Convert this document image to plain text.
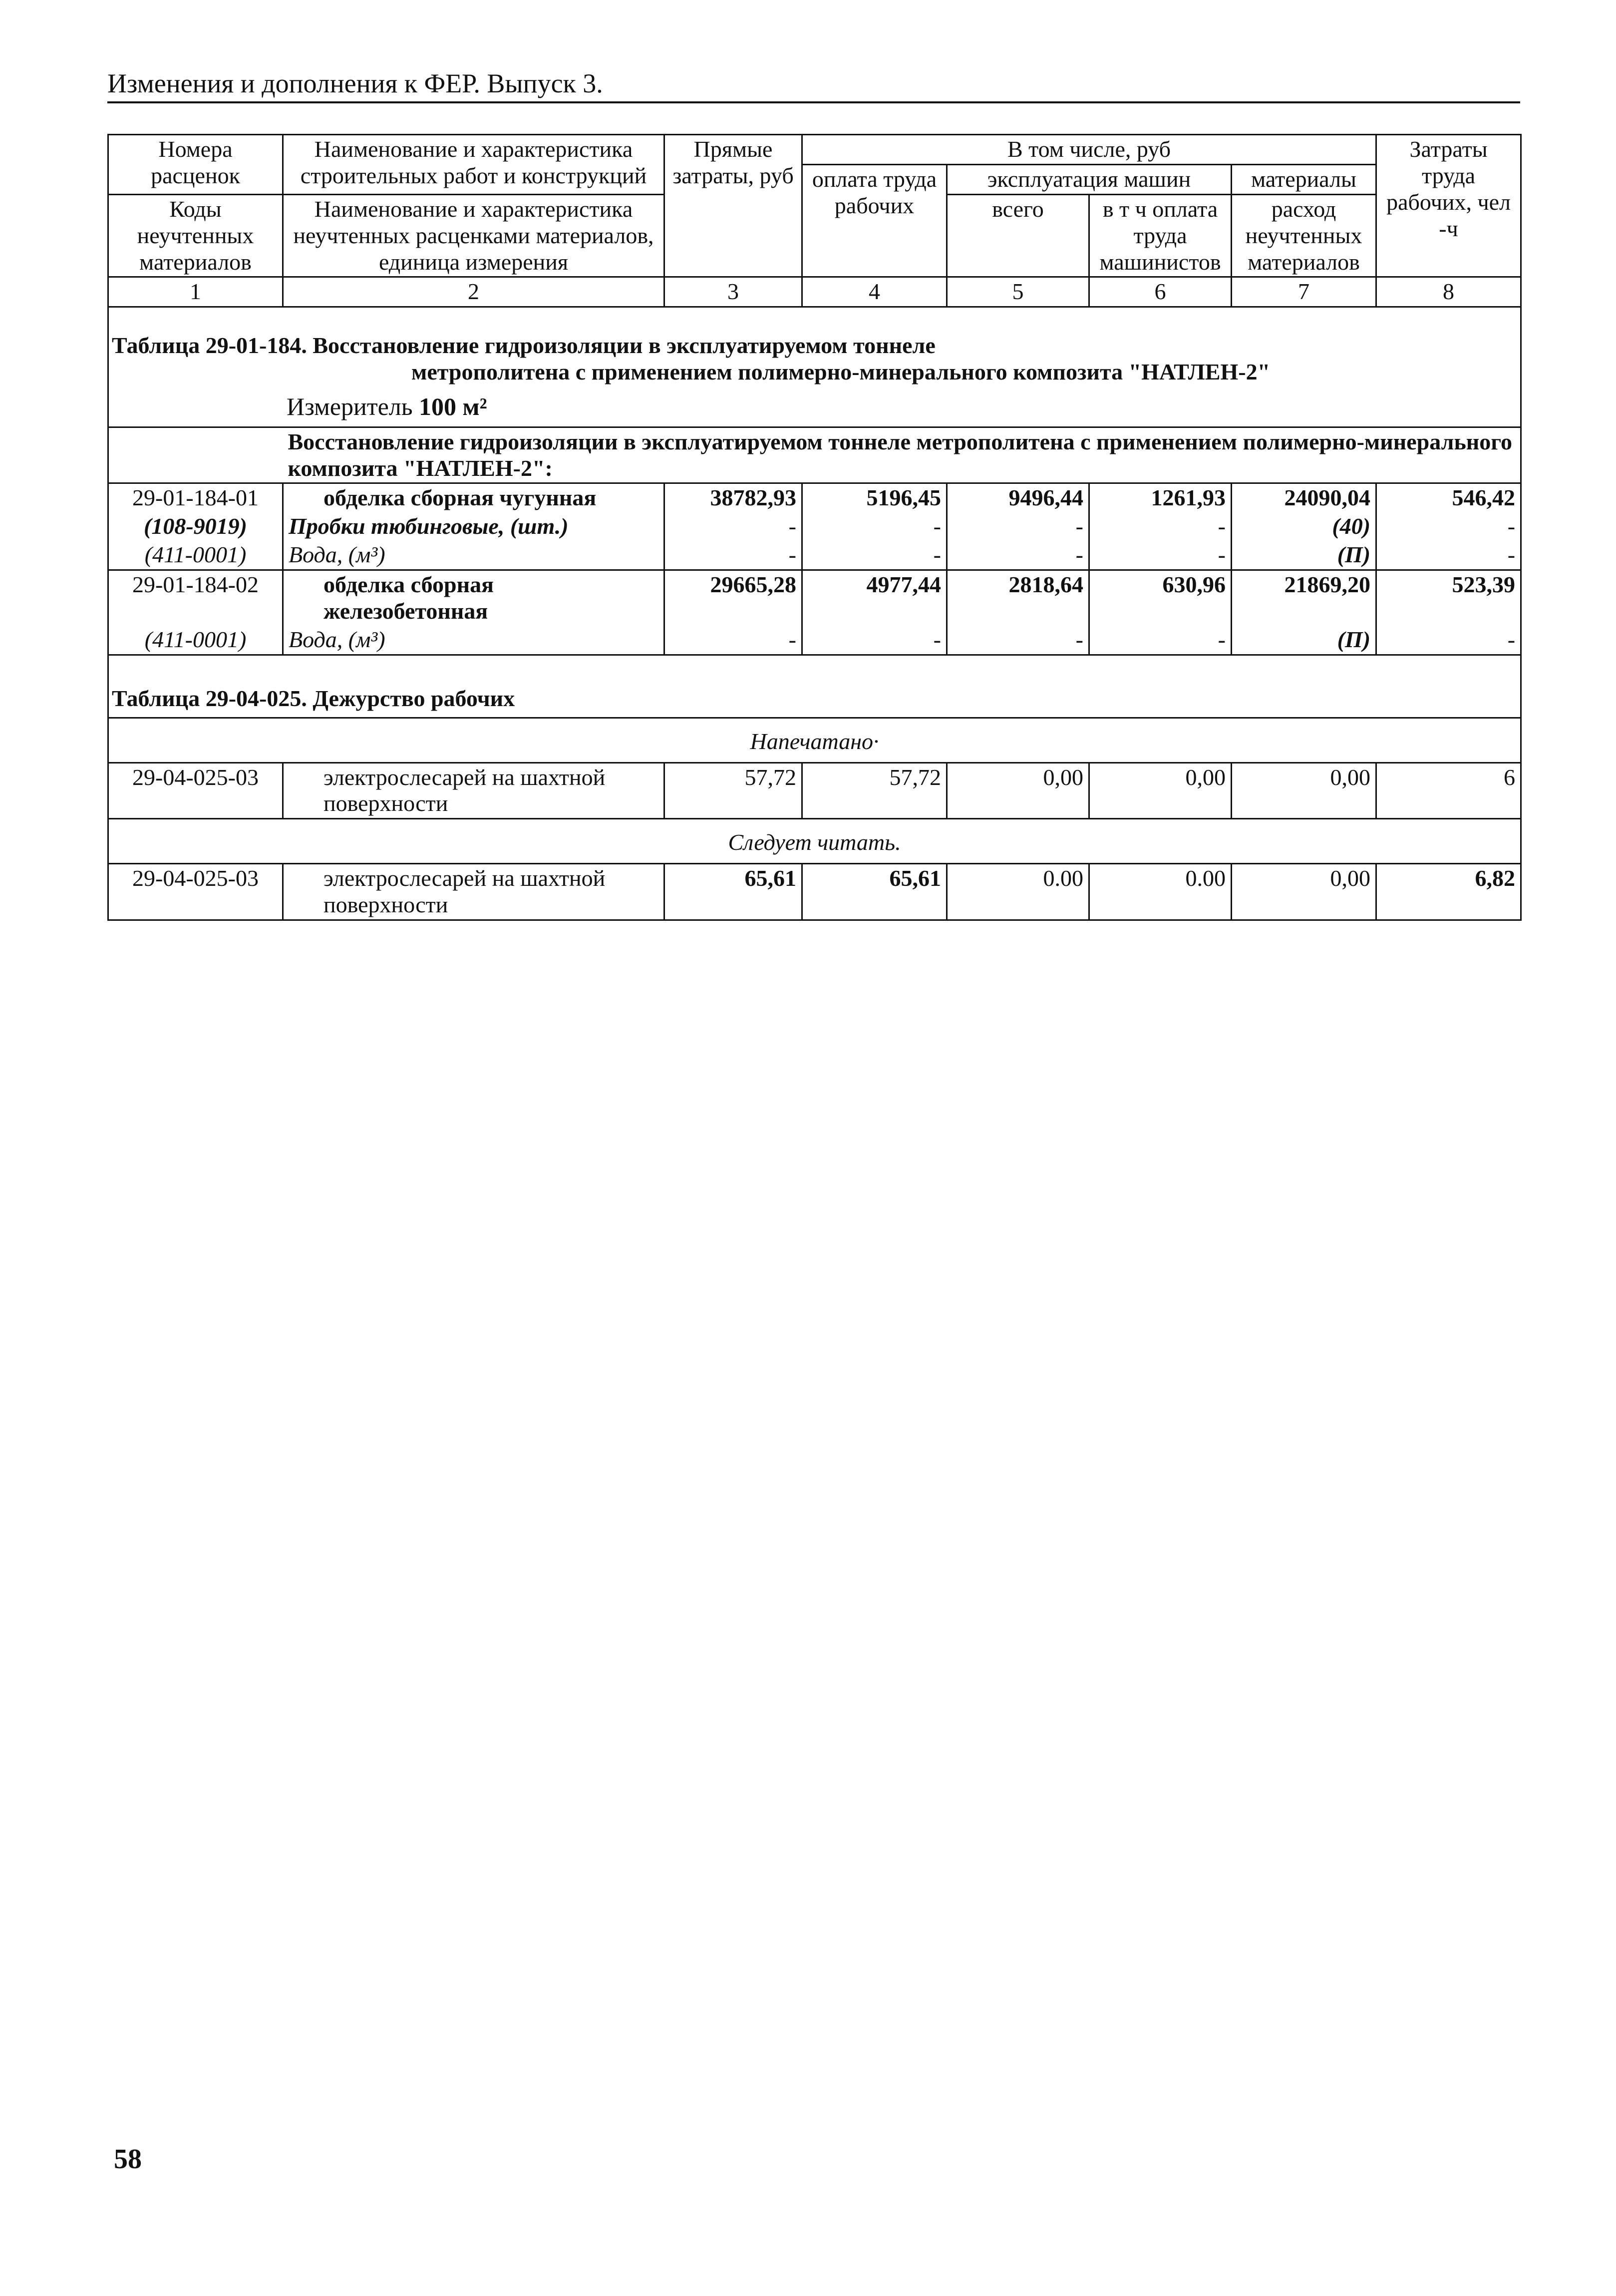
Изменения и дополнения к ФЕР. Выпуск 3.
Номера расценок	Наименование и характеристика строительных работ и конструкций	Прямые затраты, руб	В том числе, руб				Затраты труда рабочих, чел -ч
			оплата труда рабочих	эксплуатация машин		материалы	
Коды неучтенных материалов	Наименование и характеристика неучтенных расценками материалов, единица измерения			всего	в т ч оплата труда машинистов	расход неучтенных материалов	

1	2	3	4	5	6	7	8
Таблица 29-01-184. Восстановление гидроизоляции в эксплуатируемом тоннеле
метрополитена с применением полимерно-минерального композита "НАТЛЕН-2"
Измеритель 100 м²							

	Восстановление гидроизоляции в эксплуатируемом тоннеле метрополитена с применением полимерно-минерального композита "НАТЛЕН-2":						
29-01-184-01	обделка сборная чугунная	38782,93	5196,45	9496,44	1261,93	24090,04	546,42
(108-9019)	Пробки тюбинговые, (шт.)	-	-	-	-	(40)	-
(411-0001)	Вода, (м³)	-	-	-	-	(П)	-
29-01-184-02	обделка сборная железобетонная	29665,28	4977,44	2818,64	630,96	21869,20	523,39
(411-0001)	Вода, (м³)	-	-	-	-	(П)	-
Таблица 29-04-025. Дежурство рабочих							
Напечатано·							
29-04-025-03	электрослесарей на шахтной поверхности	57,72	57,72	0,00	0,00	0,00	6
Следует читать.							
29-04-025-03	электрослесарей на шахтной поверхности	65,61	65,61	0.00	0.00	0,00	6,82
58
